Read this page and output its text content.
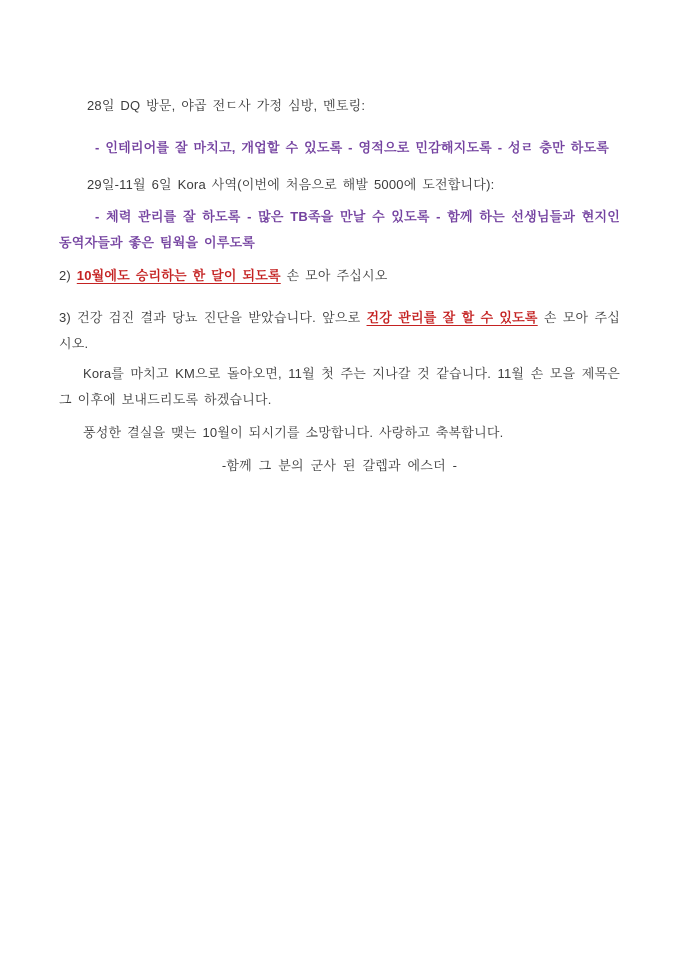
28일 DQ 방문, 야곱 전ㄷ사 가정 심방, 멘토링:

- 인테리어를 잘 마치고, 개업할 수 있도록 - 영적으로 민감해지도록 - 성ㄹ 충만 하도록

29일-11월 6일 Kora 사역(이번에 처음으로 해발 5000에 도전합니다):

- 체력 관리를 잘 하도록 - 많은 TB족을 만날 수 있도록 - 함께 하는 선생님들과 현지인 동역자들과 좋은 팀웍을 이루도록

2) 10월에도 승리하는 한 달이 되도록 손 모아 주십시오

3) 건강 검진 결과 당뇨 진단을 받았습니다. 앞으로 건강 관리를 잘 할 수 있도록 손 모아 주십시오.

Kora를 마치고 KM으로 돌아오면, 11월 첫 주는 지나갈 것 같습니다. 11월 손 모을 제목은 그 이후에 보내드리도록 하겠습니다.

풍성한 결실을 맺는 10월이 되시기를 소망합니다. 사랑하고 축복합니다.

-함께 그 분의 군사 된 갈렙과 에스더 -
